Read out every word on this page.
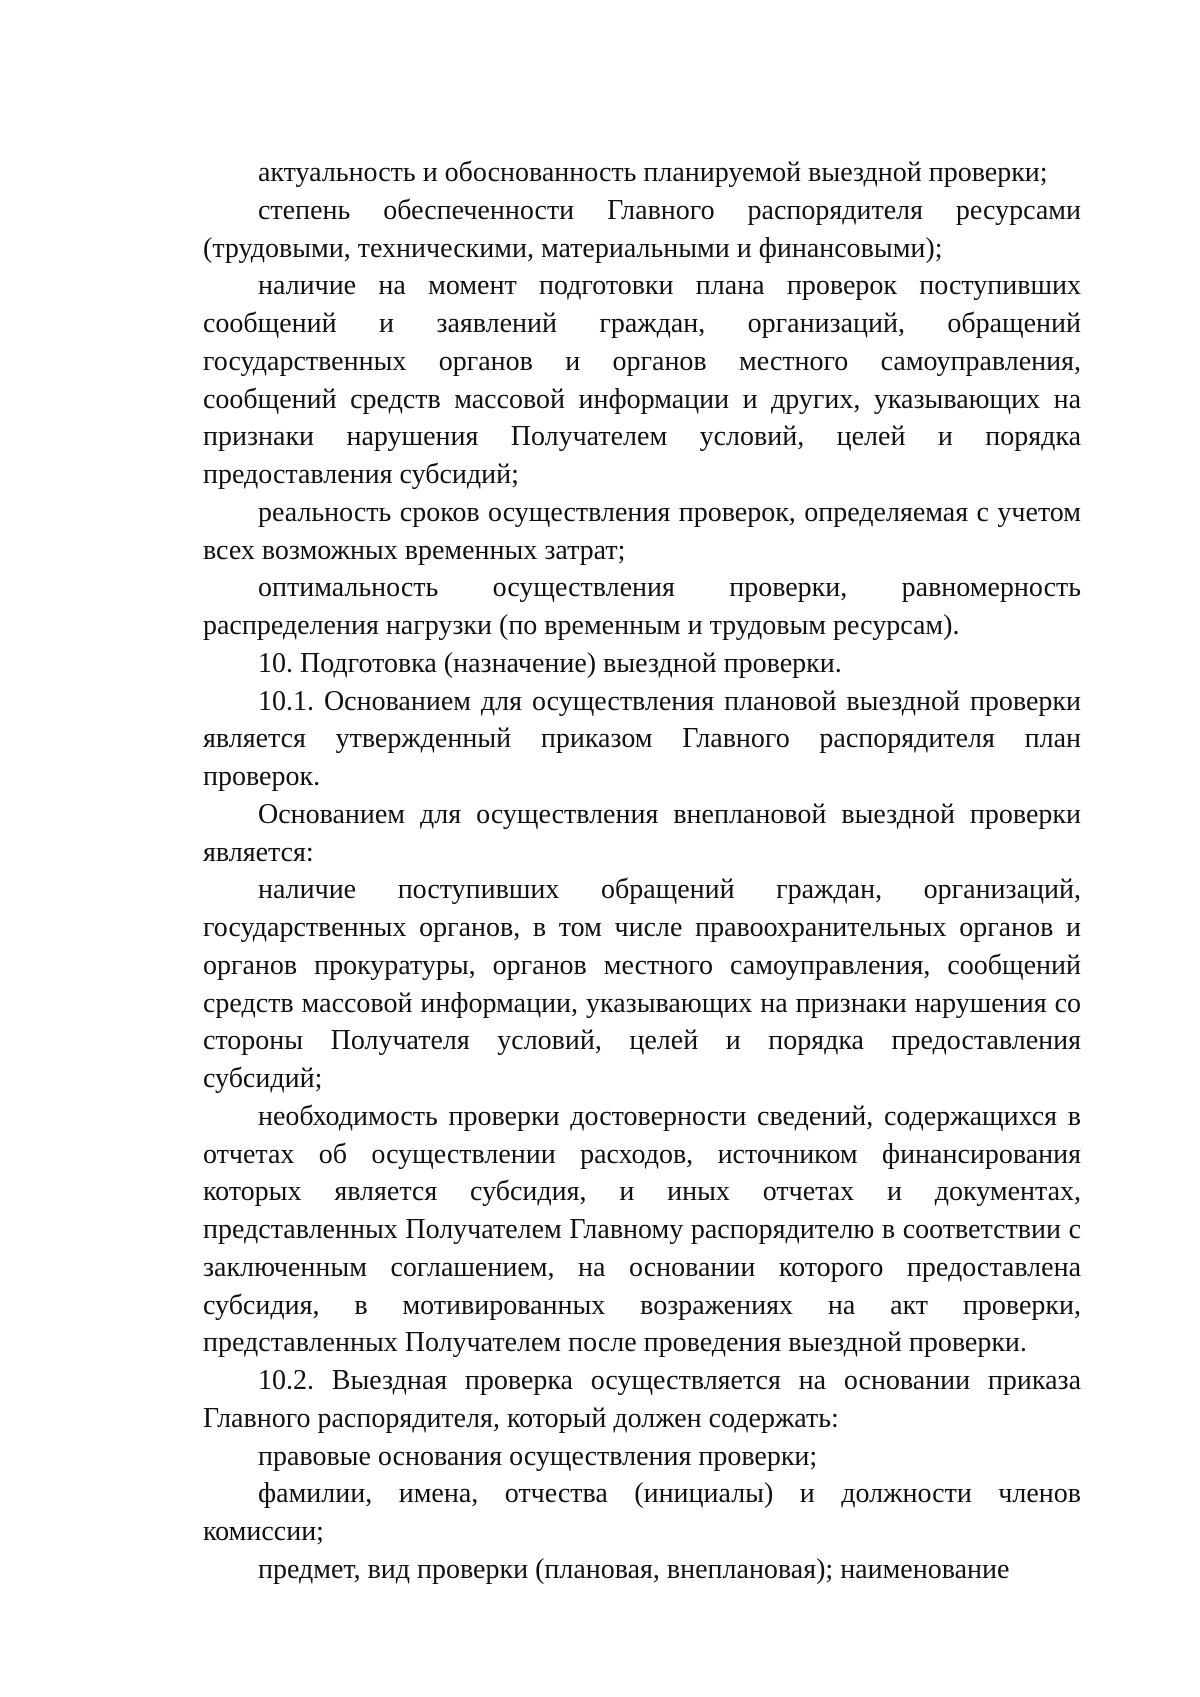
актуальность и обоснованность планируемой выездной проверки;

степень обеспеченности Главного распорядителя ресурсами (трудовыми, техническими, материальными и финансовыми);

наличие на момент подготовки плана проверок поступивших сообщений и заявлений граждан, организаций, обращений государственных органов и органов местного самоуправления, сообщений средств массовой информации и других, указывающих на признаки нарушения Получателем условий, целей и порядка предоставления субсидий;

реальность сроков осуществления проверок, определяемая с учетом всех возможных временных затрат;

оптимальность осуществления проверки, равномерность распределения нагрузки (по временным и трудовым ресурсам).

10. Подготовка (назначение) выездной проверки.

10.1. Основанием для осуществления плановой выездной проверки является утвержденный приказом Главного распорядителя план проверок.

Основанием для осуществления внеплановой выездной проверки является:

наличие поступивших обращений граждан, организаций, государственных органов, в том числе правоохранительных органов и органов прокуратуры, органов местного самоуправления, сообщений средств массовой информации, указывающих на признаки нарушения со стороны Получателя условий, целей и порядка предоставления субсидий;

необходимость проверки достоверности сведений, содержащихся в отчетах об осуществлении расходов, источником финансирования которых является субсидия, и иных отчетах и документах, представленных Получателем Главному распорядителю в соответствии с заключенным соглашением, на основании которого предоставлена субсидия, в мотивированных возражениях на акт проверки, представленных Получателем после проведения выездной проверки.

10.2. Выездная проверка осуществляется на основании приказа Главного распорядителя, который должен содержать:

правовые основания осуществления проверки;

фамилии, имена, отчества (инициалы) и должности членов комиссии;

предмет, вид проверки (плановая, внеплановая); наименование
